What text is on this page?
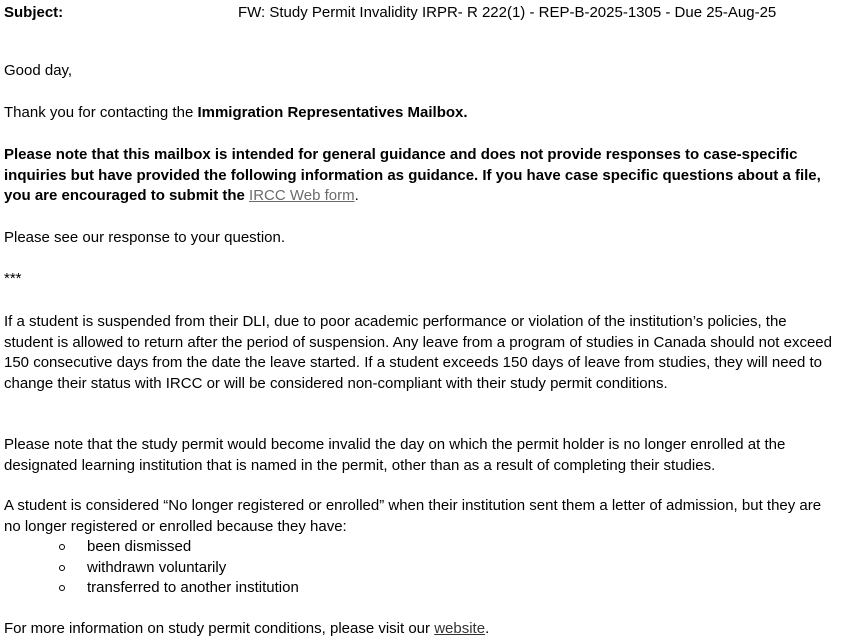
Subject:	FW: Study Permit Invalidity IRPR- R 222(1) - REP-B-2025-1305 - Due 25-Aug-25

Good day,

Thank you for contacting the Immigration Representatives Mailbox.

Please note that this mailbox is intended for general guidance and does not provide responses to case-specific inquiries but have provided the following information as guidance. If you have case specific questions about a file, you are encouraged to submit the IRCC Web form.

Please see our response to your question.

***

If a student is suspended from their DLI, due to poor academic performance or violation of the institution’s policies, the student is allowed to return after the period of suspension. Any leave from a program of studies in Canada should not exceed 150 consecutive days from the date the leave started. If a student exceeds 150 days of leave from studies, they will need to change their status with IRCC or will be considered non-compliant with their study permit conditions.

Please note that the study permit would become invalid the day on which the permit holder is no longer enrolled at the designated learning institution that is named in the permit, other than as a result of completing their studies.

A student is considered “No longer registered or enrolled” when their institution sent them a letter of admission, but they are no longer registered or enrolled because they have:

been dismissed
withdrawn voluntarily
transferred to another institution

For more information on study permit conditions, please visit our website.
